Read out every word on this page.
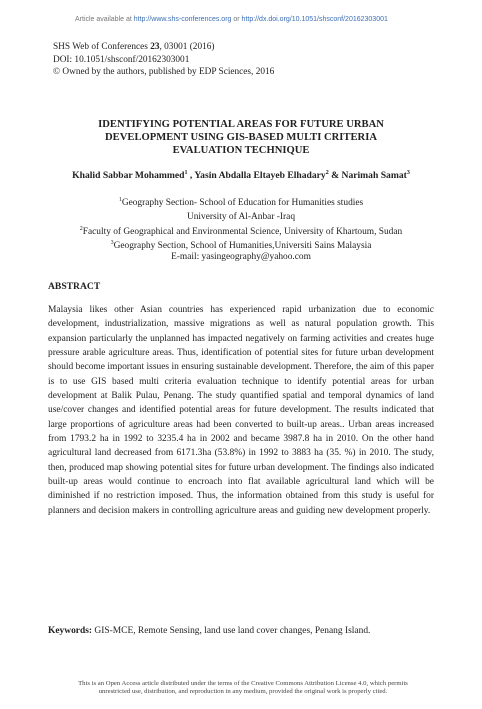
Article available at http://www.shs-conferences.org or http://dx.doi.org/10.1051/shsconf/20162303001
SHS Web of Conferences 23, 03001 (2016)
DOI: 10.1051/shsconf/20162303001
© Owned by the authors, published by EDP Sciences, 2016
IDENTIFYING POTENTIAL AREAS FOR FUTURE URBAN
DEVELOPMENT USING GIS-BASED MULTI CRITERIA
EVALUATION TECHNIQUE
Khalid Sabbar Mohammed$^1$ , Yasin Abdalla Eltayeb Elhadary$^2$ & Narimah Samat$^3$
$^1$Geography Section- School of Education for Humanities studies
University of Al-Anbar -Iraq
$^2$Faculty of Geographical and Environmental Science, University of Khartoum, Sudan
$^3$Geography Section, School of Humanities,Universiti Sains Malaysia
E-mail: yasingeography@yahoo.com
ABSTRACT
Malaysia likes other Asian countries has experienced rapid urbanization due to economic development, industrialization, massive migrations as well as natural population growth. This expansion particularly the unplanned has impacted negatively on farming activities and creates huge pressure arable agriculture areas. Thus, identification of potential sites for future urban development should become important issues in ensuring sustainable development. Therefore, the aim of this paper is to use GIS based multi criteria evaluation technique to identify potential areas for urban development at Balik Pulau, Penang. The study quantified spatial and temporal dynamics of land use/cover changes and identified potential areas for future development. The results indicated that large proportions of agriculture areas had been converted to built-up areas.. Urban areas increased from 1793.2 ha in 1992 to 3235.4 ha in 2002 and became 3987.8 ha in 2010. On the other hand agricultural land decreased from 6171.3ha (53.8%) in 1992 to 3883 ha (35. %) in 2010. The study, then, produced map showing potential sites for future urban development. The findings also indicated built-up areas would continue to encroach into flat available agricultural land which will be diminished if no restriction imposed. Thus, the information obtained from this study is useful for planners and decision makers in controlling agriculture areas and guiding new development properly.
Keywords: GIS-MCE, Remote Sensing, land use land cover changes, Penang Island.
This is an Open Access article distributed under the terms of the Creative Commons Attribution License 4.0, which permits
unrestricted use, distribution, and reproduction in any medium, provided the original work is properly cited.
